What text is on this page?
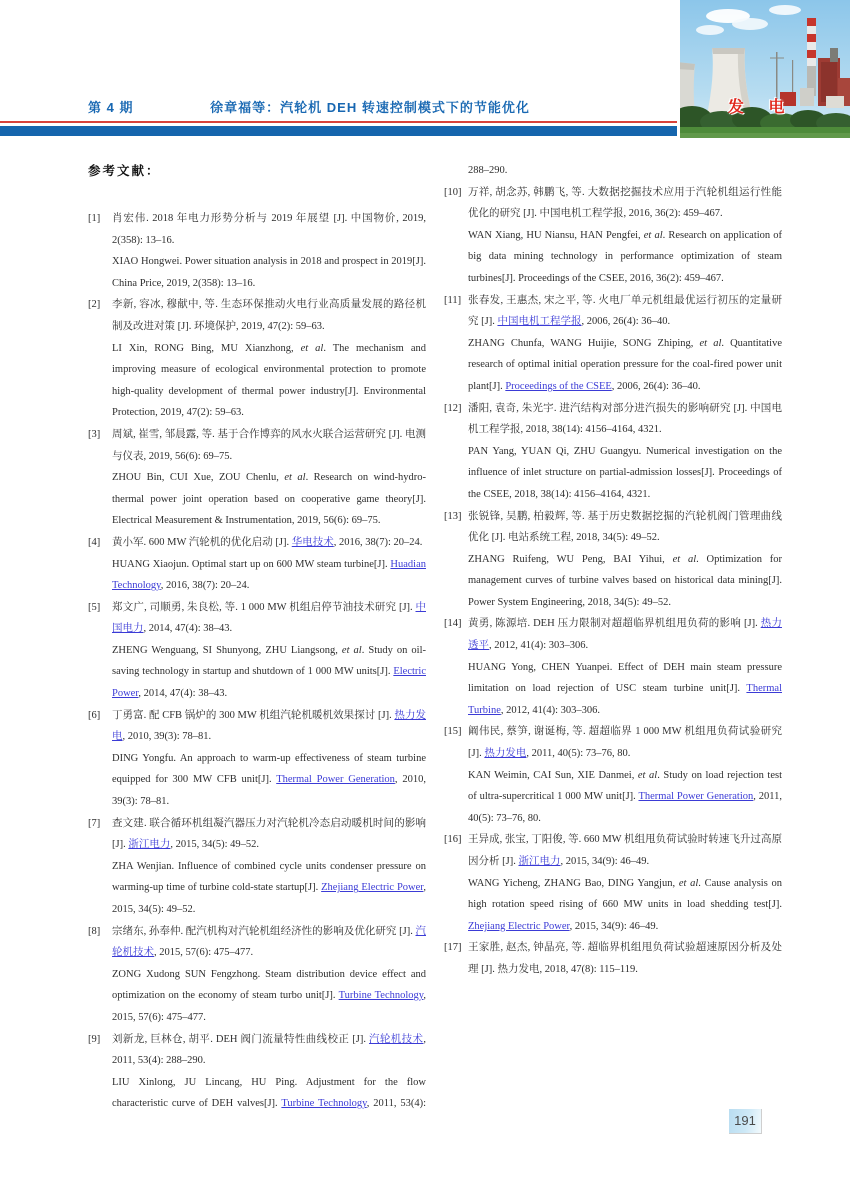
第 4 期	徐章福等：汽轮机 DEH 转速控制模式下的节能优化	发 电
参考文献：
[1] 肖宏伟. 2018 年电力形势分析与 2019 年展望 [J]. 中国物价, 2019, 2(358): 13–16.

XIAO Hongwei. Power situation analysis in 2018 and prospect in 2019[J]. China Price, 2019, 2(358): 13–16.

[2] 李新, 容冰, 穆献中, 等. 生态环保推动火电行业高质量发展的路径机制及改进对策 [J]. 环境保护, 2019, 47(2): 59–63.

LI Xin, RONG Bing, MU Xianzhong, et al. The mechanism and improving measure of ecological environmental protection to promote high-quality development of thermal power industry[J]. Environmental Protection, 2019, 47(2): 59–63.

[3] 周斌, 崔雪, 邹晨露, 等. 基于合作博弈的风水火联合运营研究 [J]. 电测与仪表, 2019, 56(6): 69–75.

ZHOU Bin, CUI Xue, ZOU Chenlu, et al. Research on wind-hydro-thermal power joint operation based on cooperative game theory[J]. Electrical Measurement & Instrumentation, 2019, 56(6): 69–75.

[4] 黄小军. 600 MW 汽轮机的优化启动 [J]. 华电技术, 2016, 38(7): 20–24.

HUANG Xiaojun. Optimal start up on 600 MW steam turbine[J]. Huadian Technology, 2016, 38(7): 20–24.

[5] 郑文广, 司顺勇, 朱良松, 等. 1 000 MW 机组启停节油技术研究 [J]. 中国电力, 2014, 47(4): 38–43.

ZHENG Wenguang, SI Shunyong, ZHU Liangsong, et al. Study on oil-saving technology in startup and shutdown of 1 000 MW units[J]. Electric Power, 2014, 47(4): 38–43.

[6] 丁勇富. 配 CFB 锅炉的 300 MW 机组汽轮机暖机效果探讨 [J]. 热力发电, 2010, 39(3): 78–81.

DING Yongfu. An approach to warm-up effectiveness of steam turbine equipped for 300 MW CFB unit[J]. Thermal Power Generation, 2010, 39(3): 78–81.

[7] 查文建. 联合循环机组凝汽器压力对汽轮机冷态启动暖机时间的影响 [J]. 浙江电力, 2015, 34(5): 49–52.

ZHA Wenjian. Influence of combined cycle units condenser pressure on warming-up time of turbine cold-state startup[J]. Zhejiang Electric Power, 2015, 34(5): 49–52.

[8] 宗绪东, 孙奉仲. 配汽机构对汽轮机组经济性的影响及优化研究 [J]. 汽轮机技术, 2015, 57(6): 475–477.

ZONG Xudong SUN Fengzhong. Steam distribution device effect and optimization on the economy of steam turbo unit[J]. Turbine Technology, 2015, 57(6): 475–477.

[9] 刘新龙, 巨林仓, 胡平. DEH 阀门流量特性曲线校正 [J]. 汽轮机技术, 2011, 53(4): 288–290.

LIU Xinlong, JU Lincang, HU Ping. Adjustment for the flow characteristic curve of DEH valves[J]. Turbine Technology, 2011, 53(4): 288–290.

[10] 万祥, 胡念苏, 韩鹏飞, 等. 大数据挖掘技术应用于汽轮机组运行性能优化的研究 [J]. 中国电机工程学报, 2016, 36(2): 459–467.

WAN Xiang, HU Niansu, HAN Pengfei, et al. Research on application of big data mining technology in performance optimization of steam turbines[J]. Proceedings of the CSEE, 2016, 36(2): 459–467.

[11] 张春发, 王惠杰, 宋之平, 等. 火电厂单元机组最优运行初压的定量研究 [J]. 中国电机工程学报, 2006, 26(4): 36–40.

ZHANG Chunfa, WANG Huijie, SONG Zhiping, et al. Quantitative research of optimal initial operation pressure for the coal-fired power unit plant[J]. Proceedings of the CSEE, 2006, 26(4): 36–40.

[12] 潘阳, 袁奇, 朱光宇. 进汽结构对部分进汽损失的影响研究 [J]. 中国电机工程学报, 2018, 38(14): 4156–4164, 4321.

PAN Yang, YUAN Qi, ZHU Guangyu. Numerical investigation on the influence of inlet structure on partial-admission losses[J]. Proceedings of the CSEE, 2018, 38(14): 4156–4164, 4321.

[13] 张锐锋, 吴鹏, 柏毅辉, 等. 基于历史数据挖掘的汽轮机阀门管理曲线优化 [J]. 电站系统工程, 2018, 34(5): 49–52.

ZHANG Ruifeng, WU Peng, BAI Yihui, et al. Optimization for management curves of turbine valves based on historical data mining[J]. Power System Engineering, 2018, 34(5): 49–52.

[14] 黄勇, 陈源培. DEH 压力限制对超超临界机组甩负荷的影响 [J]. 热力透平, 2012, 41(4): 303–306.

HUANG Yong, CHEN Yuanpei. Effect of DEH main steam pressure limitation on load rejection of USC steam turbine unit[J]. Thermal Turbine, 2012, 41(4): 303–306.

[15] 阚伟民, 蔡笋, 谢诞梅, 等. 超超临界 1 000 MW 机组甩负荷试验研究 [J]. 热力发电, 2011, 40(5): 73–76, 80.

KAN Weimin, CAI Sun, XIE Danmei, et al. Study on load rejection test of ultra-supercritical 1 000 MW unit[J]. Thermal Power Generation, 2011, 40(5): 73–76, 80.

[16] 王异成, 张宝, 丁阳俊, 等. 660 MW 机组甩负荷试验时转速飞升过高原因分析 [J]. 浙江电力, 2015, 34(9): 46–49.

WANG Yicheng, ZHANG Bao, DING Yangjun, et al. Cause analysis on high rotation speed rising of 660 MW units in load shedding test[J]. Zhejiang Electric Power, 2015, 34(9): 46–49.

[17] 王家胜, 赵杰, 钟晶亮, 等. 超临界机组甩负荷试验超速原因分析及处理 [J]. 热力发电, 2018, 47(8): 115–119.

191
